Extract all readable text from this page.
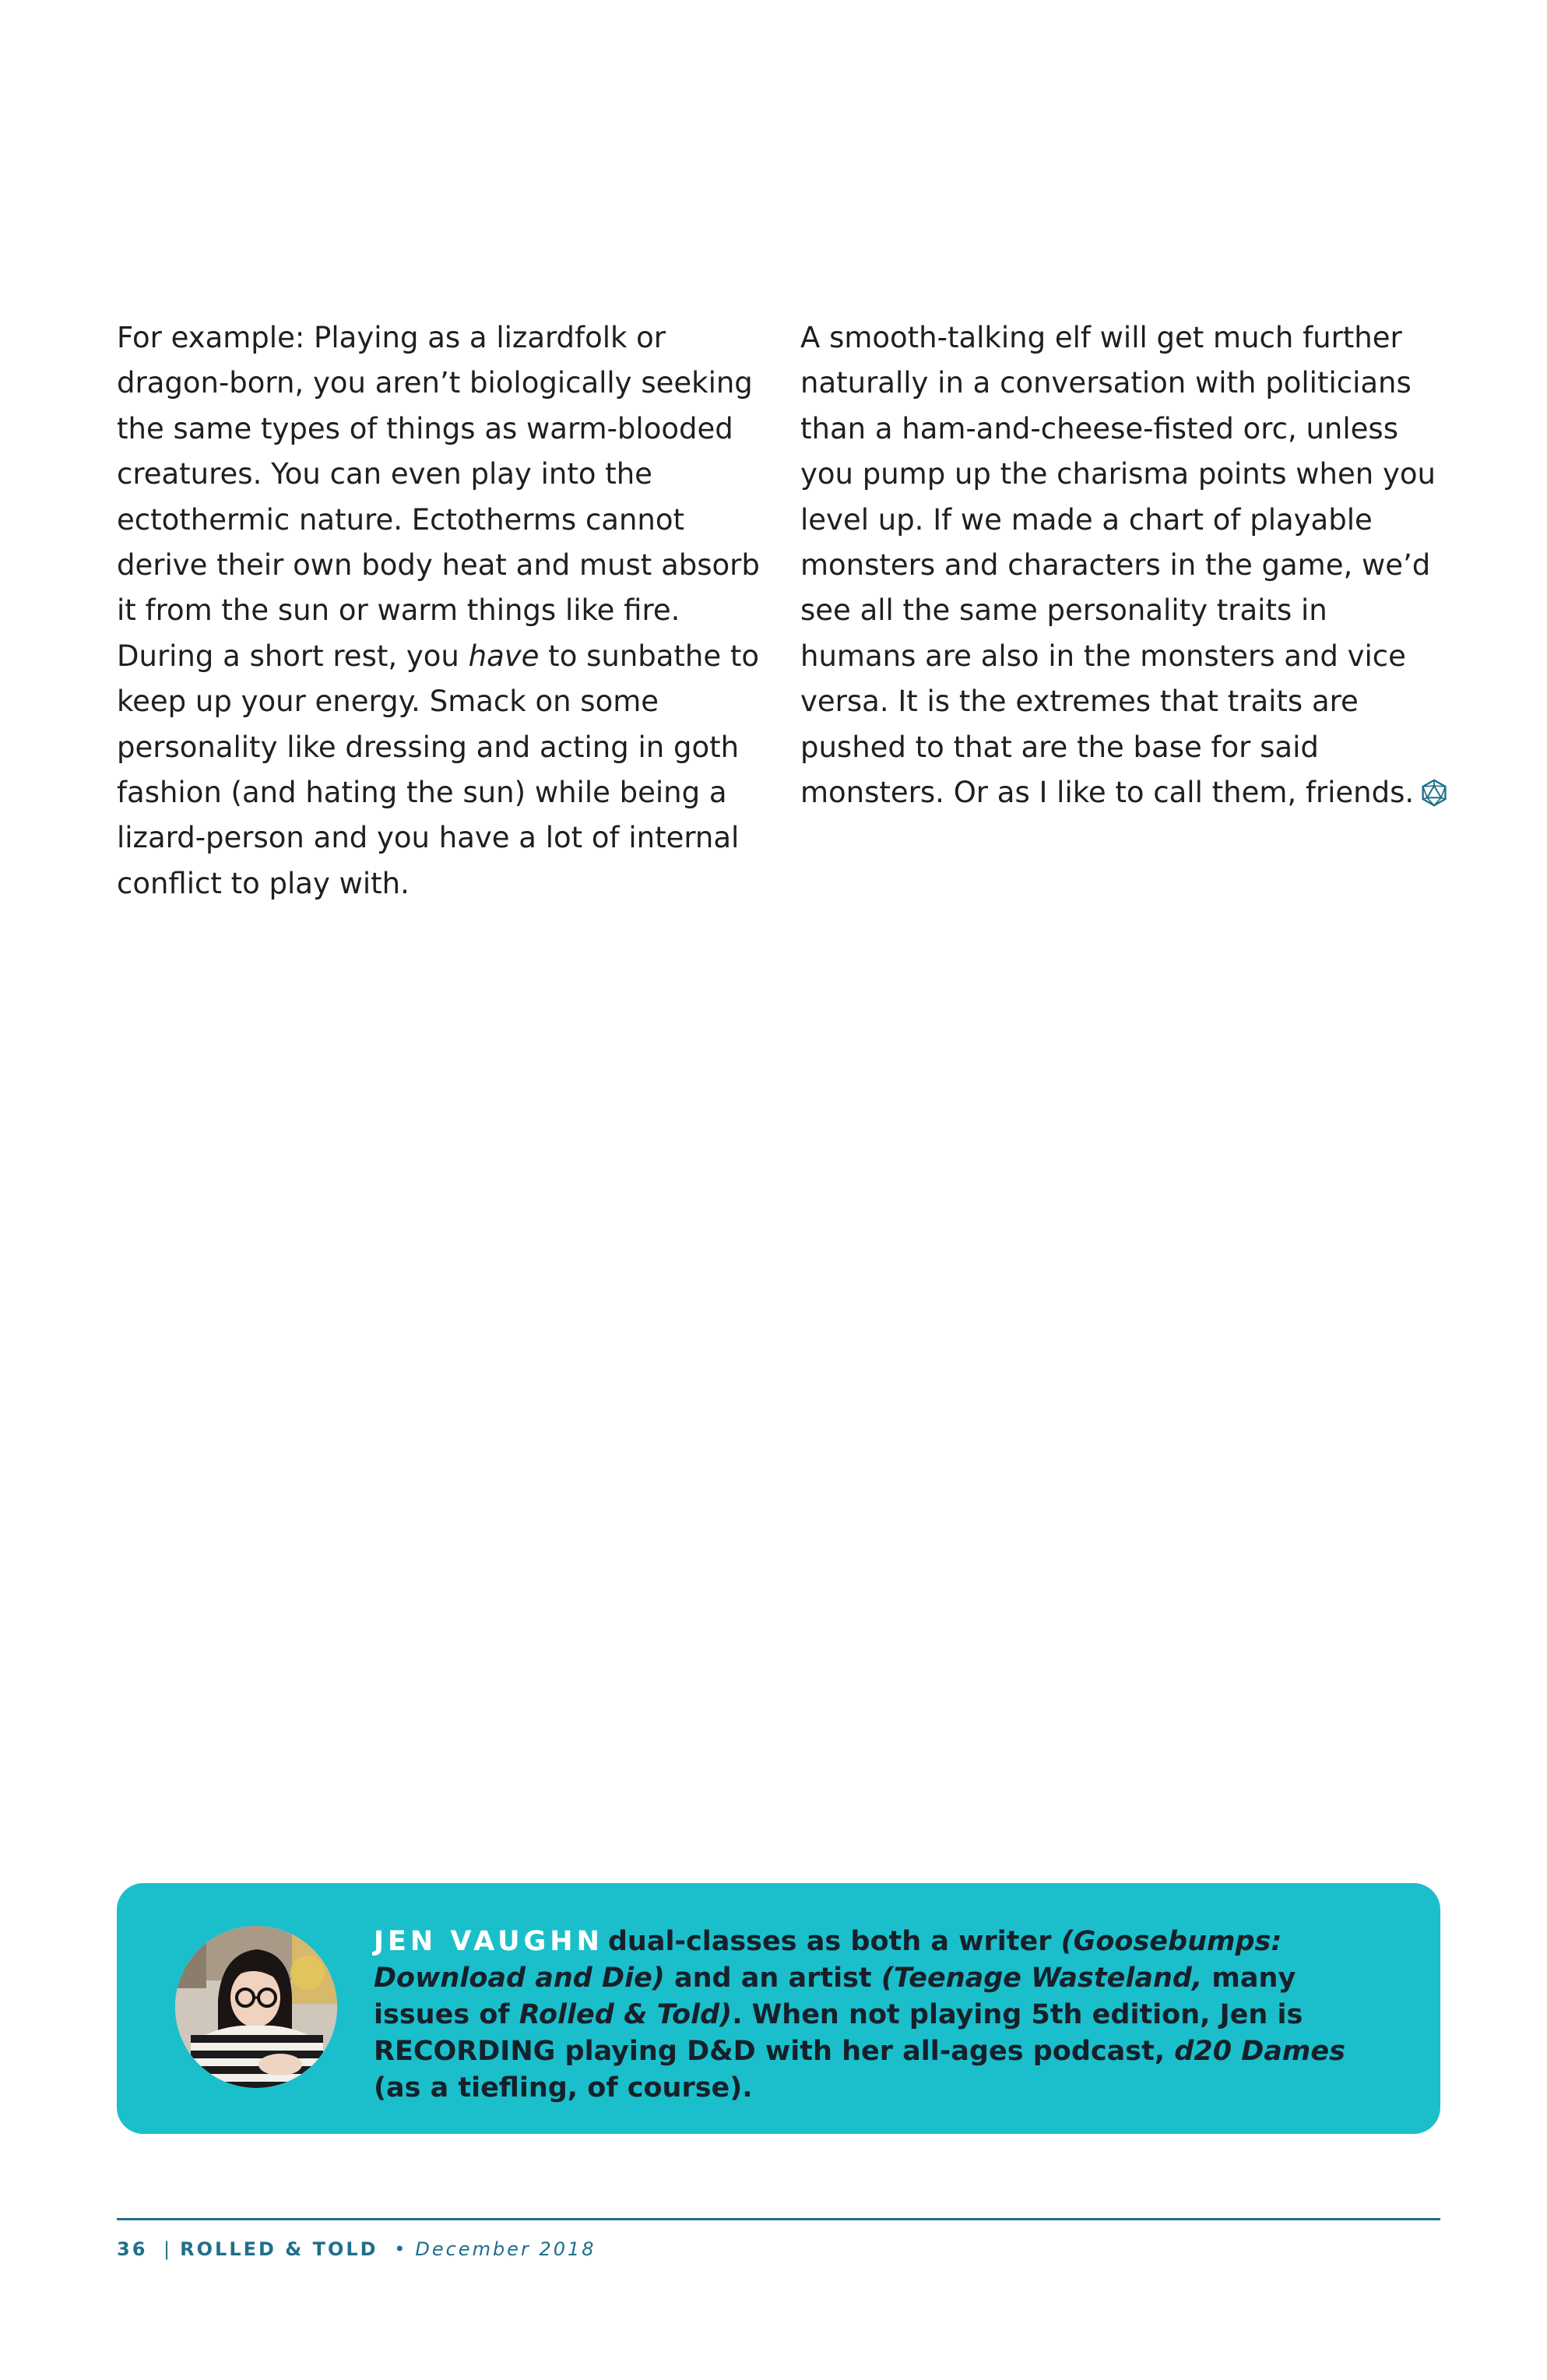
For example: Playing as a lizardfolk or dragon-born, you aren’t biologically seeking the same types of things as warm-blooded creatures. You can even play into the ectothermic nature. Ectotherms cannot derive their own body heat and must absorb it from the sun or warm things like fire. During a short rest, you have to sunbathe to keep up your energy. Smack on some personality like dressing and acting in goth fashion (and hating the sun) while being a lizard-person and you have a lot of internal conflict to play with.

A smooth-talking elf will get much further naturally in a conversation with politicians than a ham-and-cheese-fisted orc, unless you pump up the charisma points when you level up. If we made a chart of playable monsters and characters in the game, we’d see all the same personality traits in humans are also in the monsters and vice versa. It is the extremes that traits are pushed to that are the base for said monsters. Or as I like to call them, friends.

JEN VAUGHN dual-classes as both a writer (Goosebumps: Download and Die) and an artist (Teenage Wasteland, many issues of Rolled & Told). When not playing 5th edition, Jen is RECORDING playing D&D with her all-ages podcast, d20 Dames (as a tiefling, of course).
36 | ROLLED & TOLD • December 2018
